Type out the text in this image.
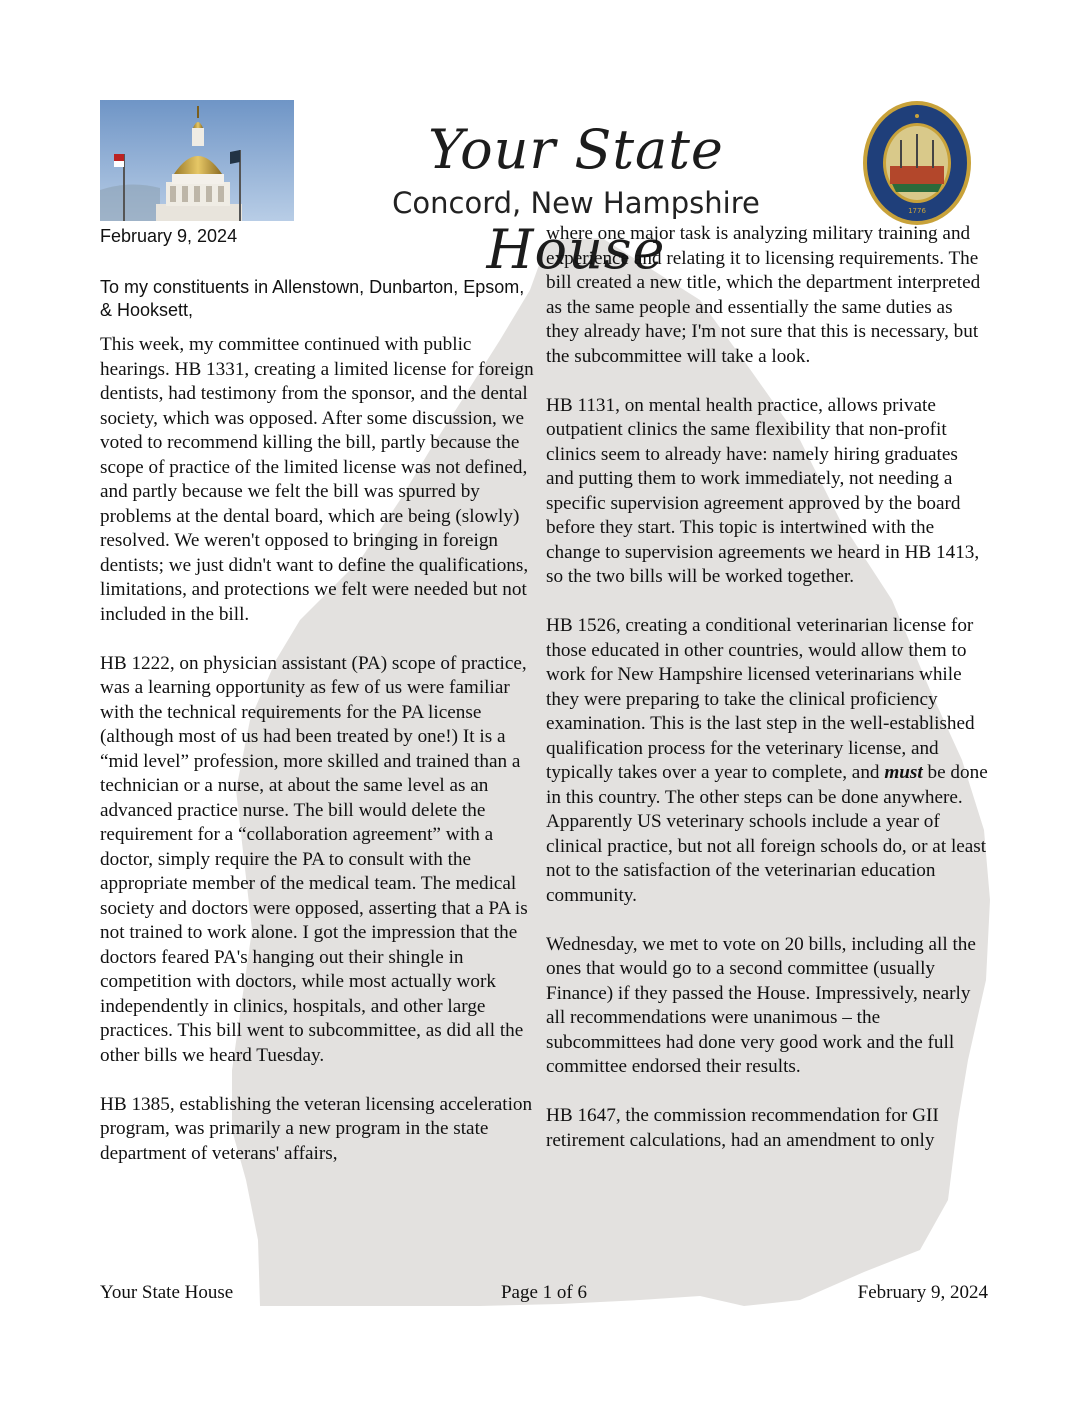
Your State House
Concord, New Hampshire	1776
February 9, 2024
To my constituents in Allenstown, Dunbarton, Epsom, & Hooksett,

This week, my committee continued with public hearings. HB 1331, creating a limited license for foreign dentists, had testimony from the sponsor, and the dental society, which was opposed. After some discussion, we voted to recommend killing the bill, partly because the scope of practice of the limited license was not defined, and partly because we felt the bill was spurred by problems at the dental board, which are being (slowly) resolved. We weren't opposed to bringing in foreign dentists; we just didn't want to define the qualifications, limitations, and protections we felt were needed but not included in the bill.

HB 1222, on physician assistant (PA) scope of practice, was a learning opportunity as few of us were familiar with the technical requirements for the PA license (although most of us had been treated by one!) It is a “mid level” profession, more skilled and trained than a technician or a nurse, at about the same level as an advanced practice nurse. The bill would delete the requirement for a “collaboration agreement” with a doctor, simply require the PA to consult with the appropriate member of the medical team. The medical society and doctors were opposed, asserting that a PA is not trained to work alone. I got the impression that the doctors feared PA's hanging out their shingle in competition with doctors, while most actually work independently in clinics, hospitals, and other large practices. This bill went to subcommittee, as did all the other bills we heard Tuesday.

HB 1385, establishing the veteran licensing acceleration program, was primarily a new program in the state department of veterans' affairs,

where one major task is analyzing military training and experience and relating it to licensing requirements. The bill created a new title, which the department interpreted as the same people and essentially the same duties as they already have; I'm not sure that this is necessary, but the subcommittee will take a look.

HB 1131, on mental health practice, allows private outpatient clinics the same flexibility that non-profit clinics seem to already have: namely hiring graduates and putting them to work immediately, not needing a specific supervision agreement approved by the board before they start. This topic is intertwined with the change to supervision agreements we heard in HB 1413, so the two bills will be worked together.

HB 1526, creating a conditional veterinarian license for those educated in other countries, would allow them to work for New Hampshire licensed veterinarians while they were preparing to take the clinical proficiency examination. This is the last step in the well-established qualification process for the veterinary license, and typically takes over a year to complete, and must be done in this country. The other steps can be done anywhere. Apparently US veterinary schools include a year of clinical practice, but not all foreign schools do, or at least not to the satisfaction of the veterinarian education community.

Wednesday, we met to vote on 20 bills, including all the ones that would go to a second committee (usually Finance) if they passed the House. Impressively, nearly all recommendations were unanimous – the subcommittees had done very good work and the full committee endorsed their results.

HB 1647, the commission recommendation for GII retirement calculations, had an amendment to only

Your State House	Page 1 of 6	February 9, 2024
